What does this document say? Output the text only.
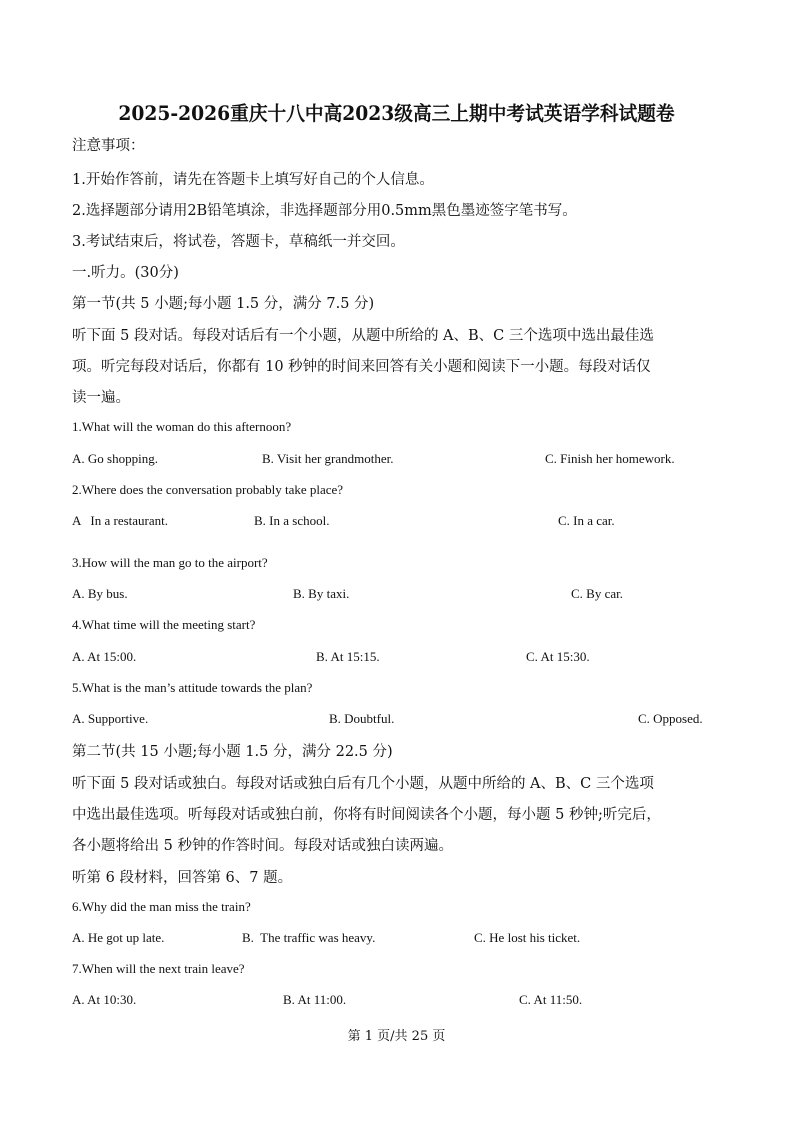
2025-2026重庆十八中高2023级高三上期中考试英语学科试题卷
注意事项：
1.开始作答前，请先在答题卡上填写好自己的个人信息。
2.选择题部分请用2B铅笔填涂，非选择题部分用0.5mm黑色墨迹签字笔书写。
3.考试结束后，将试卷，答题卡，草稿纸一并交回。
一.听力。(30分)
第一节(共 5 小题;每小题 1.5 分，满分 7.5 分)
听下面 5 段对话。每段对话后有一个小题，从题中所给的 A、B、C 三个选项中选出最佳选
项。听完每段对话后，你都有 10 秒钟的时间来回答有关小题和阅读下一小题。每段对话仅
读一遍。
1.What will the woman do this afternoon?
A. Go shopping.	B. Visit her grandmother.	C. Finish her homework.
2.Where does the conversation probably take place?
A   In a restaurant.	B. In a school.	C. In a car.
3.How will the man go to the airport?
A. By bus.	B. By taxi.	C. By car.
4.What time will the meeting start?
A. At 15:00.	B. At 15:15.	C. At 15:30.
5.What is the man’s attitude towards the plan?
A. Supportive.	B. Doubtful.	C. Opposed.
第二节(共 15 小题;每小题 1.5 分，满分 22.5 分)
听下面 5 段对话或独白。每段对话或独白后有几个小题，从题中所给的 A、B、C 三个选项
中选出最佳选项。听每段对话或独白前，你将有时间阅读各个小题，每小题 5 秒钟;听完后，
各小题将给出 5 秒钟的作答时间。每段对话或独白读两遍。
听第 6 段材料，回答第 6、7 题。
6.Why did the man miss the train?
A. He got up late.	B.  The traffic was heavy.	C. He lost his ticket.
7.When will the next train leave?
A. At 10:30.	B. At 11:00.	C. At 11:50.
第 1 页/共 25 页
